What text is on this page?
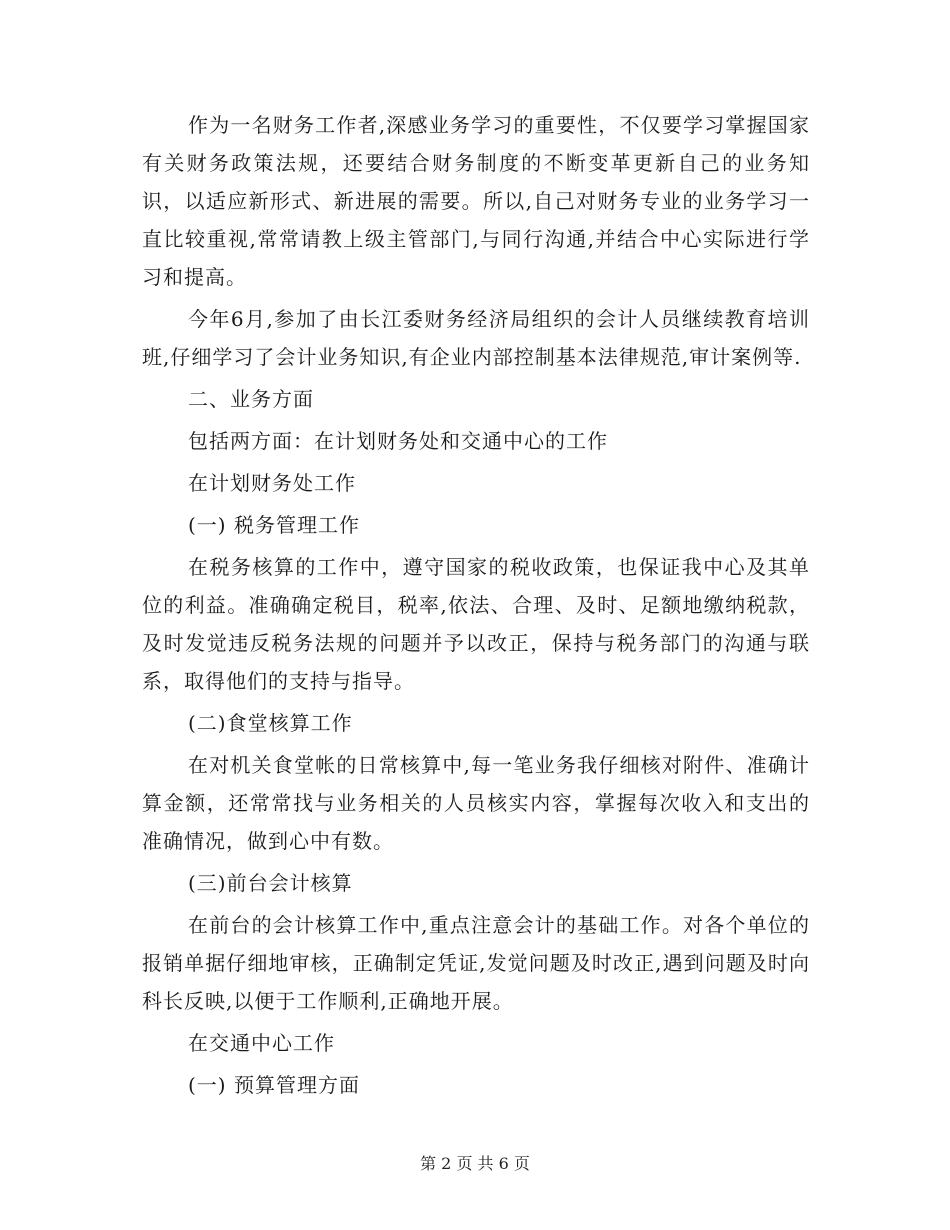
作为一名财务工作者,深感业务学习的重要性，不仅要学习掌握国家有关财务政策法规，还要结合财务制度的不断变革更新自己的业务知识，以适应新形式、新进展的需要。所以,自己对财务专业的业务学习一直比较重视,常常请教上级主管部门,与同行沟通,并结合中心实际进行学习和提高。

今年6月,参加了由长江委财务经济局组织的会计人员继续教育培训班,仔细学习了会计业务知识,有企业内部控制基本法律规范,审计案例等.

二、业务方面

包括两方面：在计划财务处和交通中心的工作

在计划财务处工作

(一) 税务管理工作

在税务核算的工作中，遵守国家的税收政策，也保证我中心及其单位的利益。准确确定税目，税率,依法、合理、及时、足额地缴纳税款，及时发觉违反税务法规的问题并予以改正，保持与税务部门的沟通与联系，取得他们的支持与指导。

(二)食堂核算工作

在对机关食堂帐的日常核算中,每一笔业务我仔细核对附件、准确计算金额，还常常找与业务相关的人员核实内容，掌握每次收入和支出的准确情况，做到心中有数。

(三)前台会计核算

在前台的会计核算工作中,重点注意会计的基础工作。对各个单位的报销单据仔细地审核，正确制定凭证,发觉问题及时改正,遇到问题及时向科长反映,以便于工作顺利,正确地开展。

在交通中心工作

(一) 预算管理方面

第 2 页 共 6 页
